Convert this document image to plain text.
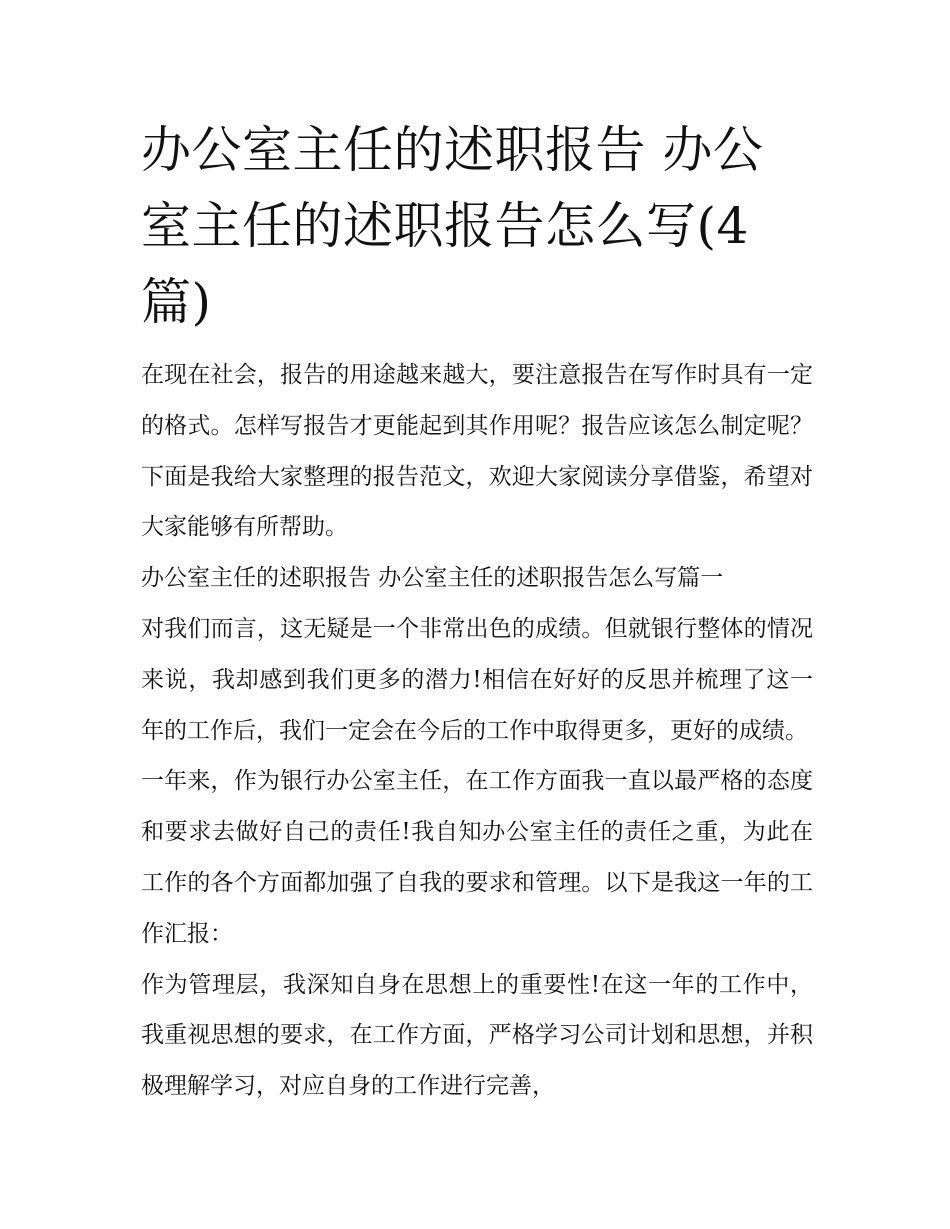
办公室主任的述职报告 办公室主任的述职报告怎么写(4篇)

在现在社会，报告的用途越来越大，要注意报告在写作时具有一定的格式。怎样写报告才更能起到其作用呢？报告应该怎么制定呢？下面是我给大家整理的报告范文，欢迎大家阅读分享借鉴，希望对大家能够有所帮助。

办公室主任的述职报告 办公室主任的述职报告怎么写篇一

对我们而言，这无疑是一个非常出色的成绩。但就银行整体的情况来说，我却感到我们更多的潜力!相信在好好的反思并梳理了这一年的工作后，我们一定会在今后的工作中取得更多，更好的成绩。

一年来，作为银行办公室主任，在工作方面我一直以最严格的态度和要求去做好自己的责任!我自知办公室主任的责任之重，为此在工作的各个方面都加强了自我的要求和管理。以下是我这一年的工作汇报：

作为管理层，我深知自身在思想上的重要性!在这一年的工作中，我重视思想的要求，在工作方面，严格学习公司计划和思想，并积极理解学习，对应自身的工作进行完善，
